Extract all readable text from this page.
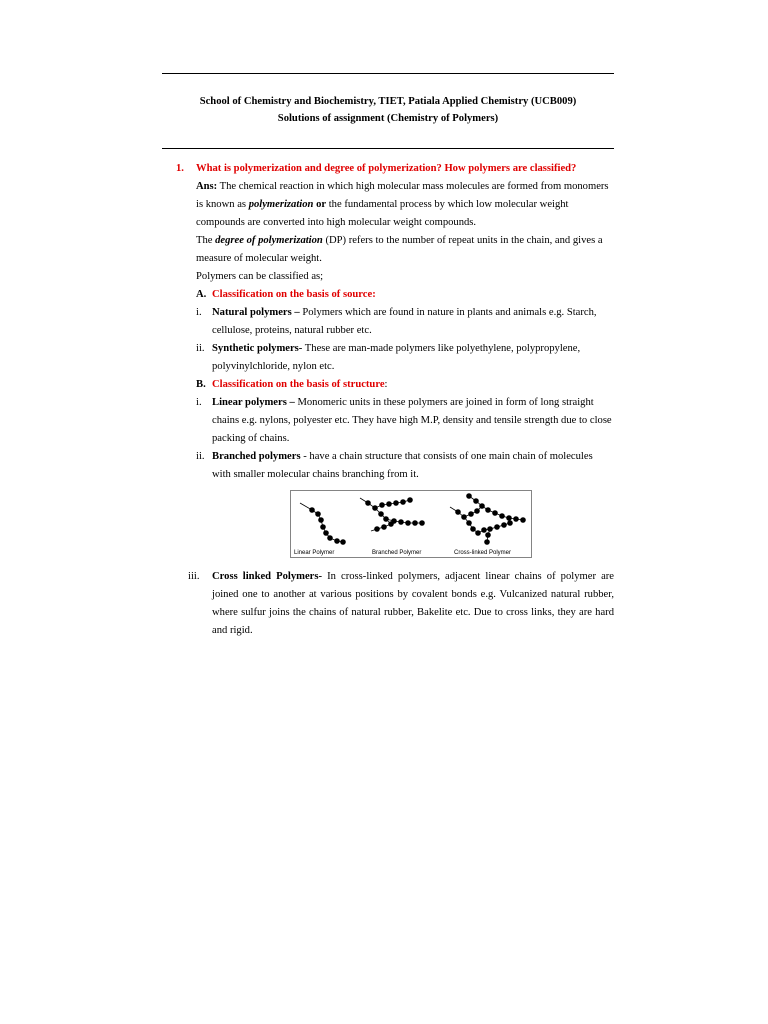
School of Chemistry and Biochemistry, TIET, Patiala Applied Chemistry (UCB009)
Solutions of assignment (Chemistry of Polymers)
1. What is polymerization and degree of polymerization? How polymers are classified?
Ans: The chemical reaction in which high molecular mass molecules are formed from monomers is known as polymerization or the fundamental process by which low molecular weight compounds are converted into high molecular weight compounds.
The degree of polymerization (DP) refers to the number of repeat units in the chain, and gives a measure of molecular weight.
Polymers can be classified as;
A. Classification on the basis of source:
i. Natural polymers – Polymers which are found in nature in plants and animals e.g. Starch, cellulose, proteins, natural rubber etc.
ii. Synthetic polymers- These are man-made polymers like polyethylene, polypropylene, polyvinylchloride, nylon etc.
B. Classification on the basis of structure:
i. Linear polymers – Monomeric units in these polymers are joined in form of long straight chains e.g. nylons, polyester etc. They have high M.P, density and tensile strength due to close packing of chains.
ii. Branched polymers - have a chain structure that consists of one main chain of molecules with smaller molecular chains branching from it.
Linear Polymer	Branched Polymer	Cross-linked Polymer
iii. Cross linked Polymers- In cross-linked polymers, adjacent linear chains of polymer are joined one to another at various positions by covalent bonds e.g. Vulcanized natural rubber, where sulfur joins the chains of natural rubber, Bakelite etc. Due to cross links, they are hard and rigid.
